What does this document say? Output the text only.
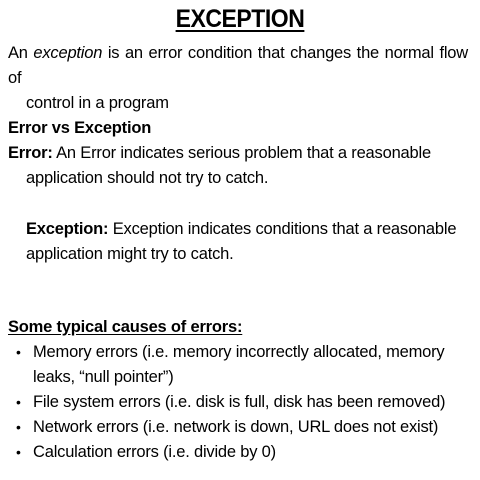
EXCEPTION
An exception is an error condition that changes the normal flow of
control in a program
Error vs Exception
Error: An Error indicates serious problem that a reasonable
application should not try to catch.
Exception: Exception indicates conditions that a reasonable
application might try to catch.
Some typical causes of errors:
• Memory errors (i.e. memory incorrectly allocated, memory leaks, “null pointer”)
• File system errors (i.e. disk is full, disk has been removed)
• Network errors (i.e. network is down, URL does not exist)
• Calculation errors (i.e. divide by 0)
